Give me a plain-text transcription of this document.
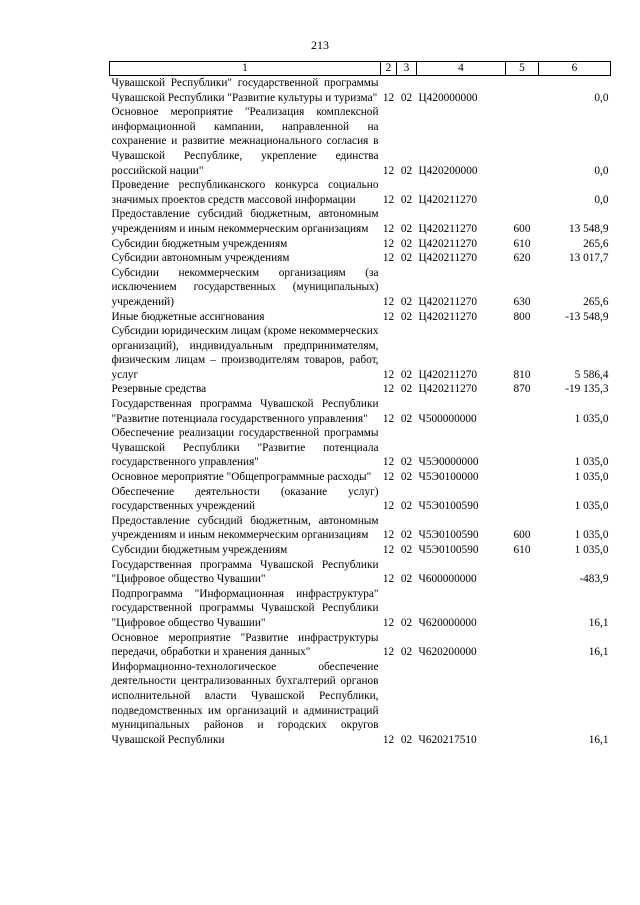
213
1	2	3	4	5	6
Чувашской Республики" государственной программы Чувашской Республики "Развитие культуры и туризма"	12	02	Ц420000000		0,0
Основное мероприятие "Реализация комплексной информационной кампании, направленной на сохранение и развитие межнационального согласия в Чувашской Республике, укрепление единства российской нации"	12	02	Ц420200000		0,0
Проведение республиканского конкурса социально значимых проектов средств массовой информации	12	02	Ц420211270		0,0
Предоставление субсидий бюджетным, автономным учреждениям и иным некоммерческим организациям	12	02	Ц420211270	600	13 548,9
Субсидии бюджетным учреждениям	12	02	Ц420211270	610	265,6
Субсидии автономным учреждениям	12	02	Ц420211270	620	13 017,7
Субсидии некоммерческим организациям (за исключением государственных (муниципальных) учреждений)	12	02	Ц420211270	630	265,6
Иные бюджетные ассигнования	12	02	Ц420211270	800	-13 548,9
Субсидии юридическим лицам (кроме некоммерческих организаций), индивидуальным предпринимателям, физическим лицам – производителям товаров, работ, услуг	12	02	Ц420211270	810	5 586,4
Резервные средства	12	02	Ц420211270	870	-19 135,3
Государственная программа Чувашской Республики "Развитие потенциала государственного управления"	12	02	Ч500000000		1 035,0
Обеспечение реализации государственной программы Чувашской Республики "Развитие потенциала государственного управления"	12	02	Ч5Э0000000		1 035,0
Основное мероприятие "Общепрограммные расходы"	12	02	Ч5Э0100000		1 035,0
Обеспечение деятельности (оказание услуг) государственных учреждений	12	02	Ч5Э0100590		1 035,0
Предоставление субсидий бюджетным, автономным учреждениям и иным некоммерческим организациям	12	02	Ч5Э0100590	600	1 035,0
Субсидии бюджетным учреждениям	12	02	Ч5Э0100590	610	1 035,0
Государственная программа Чувашской Республики "Цифровое общество Чувашии"	12	02	Ч600000000		-483,9
Подпрограмма "Информационная инфраструктура" государственной программы Чувашской Республики "Цифровое общество Чувашии"	12	02	Ч620000000		16,1
Основное мероприятие "Развитие инфраструктуры передачи, обработки и хранения данных"	12	02	Ч620200000		16,1
Информационно-технологическое обеспечение деятельности централизованных бухгалтерий органов исполнительной власти Чувашской Республики, подведомственных им организаций и администраций муниципальных районов и городских округов Чувашской Республики	12	02	Ч620217510		16,1
